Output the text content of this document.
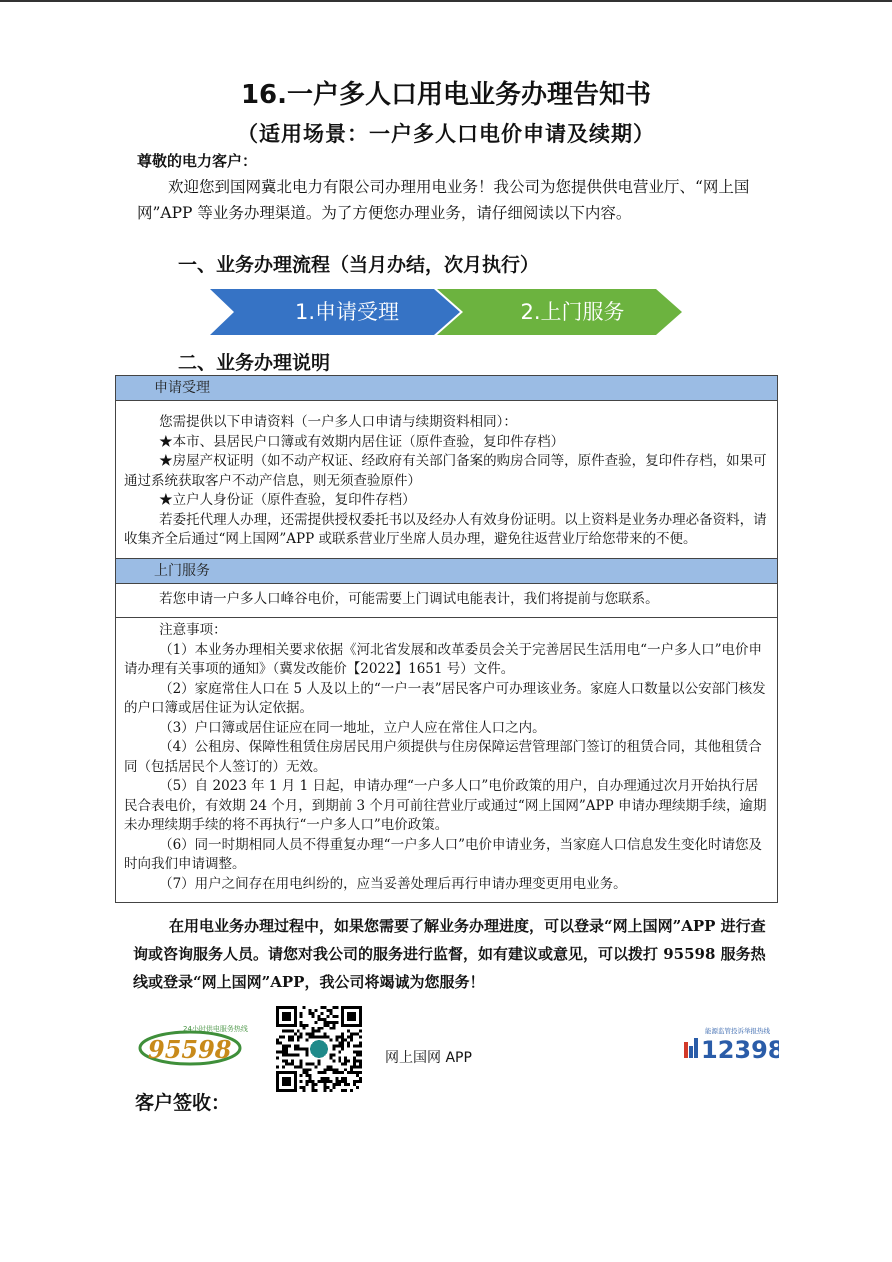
16.一户多人口用电业务办理告知书
（适用场景：一户多人口电价申请及续期）
尊敬的电力客户：
欢迎您到国网冀北电力有限公司办理用电业务！我公司为您提供供电营业厅、“网上国网”APP 等业务办理渠道。为了方便您办理业务，请仔细阅读以下内容。
一、业务办理流程（当月办结，次月执行）
1.申请受理	2.上门服务
二、业务办理说明
申请受理
您需提供以下申请资料（一户多人口申请与续期资料相同）：
★本市、县居民户口簿或有效期内居住证（原件查验，复印件存档）
★房屋产权证明（如不动产权证、经政府有关部门备案的购房合同等，原件查验，复印件存档，如果可通过系统获取客户不动产信息，则无须查验原件）
★立户人身份证（原件查验，复印件存档）
若委托代理人办理，还需提供授权委托书以及经办人有效身份证明。以上资料是业务办理必备资料，请收集齐全后通过“网上国网”APP 或联系营业厅坐席人员办理，避免往返营业厅给您带来的不便。
上门服务
若您申请一户多人口峰谷电价，可能需要上门调试电能表计，我们将提前与您联系。
注意事项：
（1）本业务办理相关要求依据《河北省发展和改革委员会关于完善居民生活用电“一户多人口”电价申请办理有关事项的通知》（冀发改能价【2022】1651 号）文件。
（2）家庭常住人口在 5 人及以上的“一户一表”居民客户可办理该业务。家庭人口数量以公安部门核发的户口簿或居住证为认定依据。
（3）户口簿或居住证应在同一地址，立户人应在常住人口之内。
（4）公租房、保障性租赁住房居民用户须提供与住房保障运营管理部门签订的租赁合同，其他租赁合同（包括居民个人签订的）无效。
（5）自 2023 年 1 月 1 日起，申请办理“一户多人口”电价政策的用户，自办理通过次月开始执行居民合表电价，有效期 24 个月，到期前 3 个月可前往营业厅或通过“网上国网”APP 申请办理续期手续，逾期未办理续期手续的将不再执行“一户多人口”电价政策。
（6）同一时期相同人员不得重复办理“一户多人口”电价申请业务，当家庭人口信息发生变化时请您及时向我们申请调整。
（7）用户之间存在用电纠纷的，应当妥善处理后再行申请办理变更用电业务。
在用电业务办理过程中，如果您需要了解业务办理进度，可以登录“网上国网”APP 进行查询或咨询服务人员。请您对我公司的服务进行监督，如有建议或意见，可以拨打 95598 服务热线或登录“网上国网”APP，我公司将竭诚为您服务！
24小时供电服务热线
95598	网上国网 APP
能源监管投诉举报热线
12398
客户签收：
